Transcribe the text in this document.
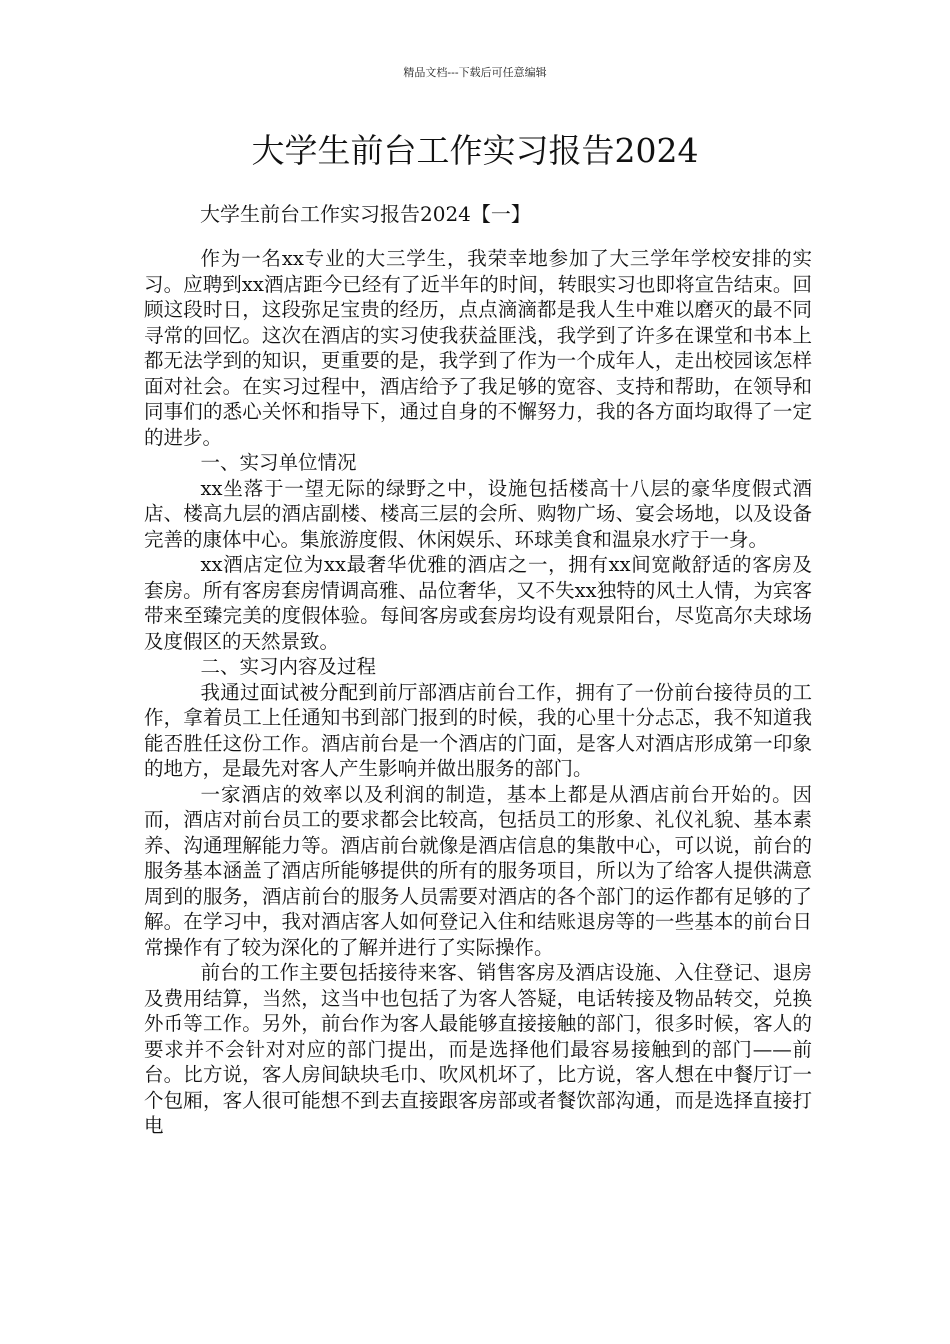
精品文档---下载后可任意编辑
大学生前台工作实习报告2024
大学生前台工作实习报告2024【一】

作为一名xx专业的大三学生，我荣幸地参加了大三学年学校安排的实习。应聘到xx酒店距今已经有了近半年的时间，转眼实习也即将宣告结束。回顾这段时日，这段弥足宝贵的经历，点点滴滴都是我人生中难以磨灭的最不同寻常的回忆。这次在酒店的实习使我获益匪浅，我学到了许多在课堂和书本上都无法学到的知识，更重要的是，我学到了作为一个成年人，走出校园该怎样面对社会。在实习过程中，酒店给予了我足够的宽容、支持和帮助，在领导和同事们的悉心关怀和指导下，通过自身的不懈努力，我的各方面均取得了一定的进步。

一、实习单位情况

xx坐落于一望无际的绿野之中，设施包括楼高十八层的豪华度假式酒店、楼高九层的酒店副楼、楼高三层的会所、购物广场、宴会场地，以及设备完善的康体中心。集旅游度假、休闲娱乐、环球美食和温泉水疗于一身。

xx酒店定位为xx最奢华优雅的酒店之一，拥有xx间宽敞舒适的客房及套房。所有客房套房情调高雅、品位奢华，又不失xx独特的风土人情，为宾客带来至臻完美的度假体验。每间客房或套房均设有观景阳台，尽览高尔夫球场及度假区的天然景致。

二、实习内容及过程

我通过面试被分配到前厅部酒店前台工作，拥有了一份前台接待员的工作，拿着员工上任通知书到部门报到的时候，我的心里十分忐忑，我不知道我能否胜任这份工作。酒店前台是一个酒店的门面，是客人对酒店形成第一印象的地方，是最先对客人产生影响并做出服务的部门。

一家酒店的效率以及利润的制造，基本上都是从酒店前台开始的。因而，酒店对前台员工的要求都会比较高，包括员工的形象、礼仪礼貌、基本素养、沟通理解能力等。酒店前台就像是酒店信息的集散中心，可以说，前台的服务基本涵盖了酒店所能够提供的所有的服务项目，所以为了给客人提供满意周到的服务，酒店前台的服务人员需要对酒店的各个部门的运作都有足够的了解。在学习中，我对酒店客人如何登记入住和结账退房等的一些基本的前台日常操作有了较为深化的了解并进行了实际操作。

前台的工作主要包括接待来客、销售客房及酒店设施、入住登记、退房及费用结算，当然，这当中也包括了为客人答疑，电话转接及物品转交，兑换外币等工作。另外，前台作为客人最能够直接接触的部门，很多时候，客人的要求并不会针对对应的部门提出，而是选择他们最容易接触到的部门——前台。比方说，客人房间缺块毛巾、吹风机坏了，比方说，客人想在中餐厅订一个包厢，客人很可能想不到去直接跟客房部或者餐饮部沟通，而是选择直接打电
